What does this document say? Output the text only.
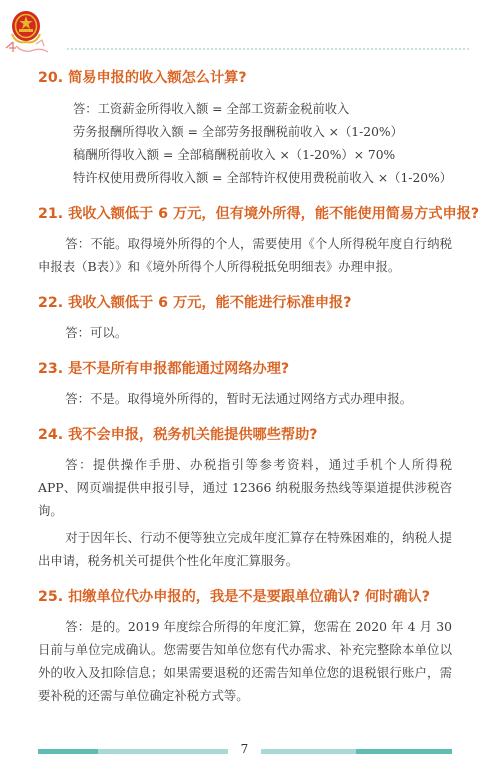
20. 简易申报的收入额怎么计算?
答：工资薪金所得收入额 = 全部工资薪金税前收入
劳务报酬所得收入额 = 全部劳务报酬税前收入 ×（1-20%）
稿酬所得收入额 = 全部稿酬税前收入 ×（1-20%）× 70%
特许权使用费所得收入额 = 全部特许权使用费税前收入 ×（1-20%）
21. 我收入额低于 6 万元，但有境外所得，能不能使用简易方式申报?

答：不能。取得境外所得的个人，需要使用《个人所得税年度自行纳税申报表（B表）》和《境外所得个人所得税抵免明细表》办理申报。

22. 我收入额低于 6 万元，能不能进行标准申报?

答：可以。

23. 是不是所有申报都能通过网络办理?

答：不是。取得境外所得的，暂时无法通过网络方式办理申报。

24. 我不会申报，税务机关能提供哪些帮助?

答：提供操作手册、办税指引等参考资料，通过手机个人所得税 APP、网页端提供申报引导，通过 12366 纳税服务热线等渠道提供涉税咨询。

对于因年长、行动不便等独立完成年度汇算存在特殊困难的，纳税人提出申请，税务机关可提供个性化年度汇算服务。

25. 扣缴单位代办申报的，我是不是要跟单位确认? 何时确认?

答：是的。2019 年度综合所得的年度汇算，您需在 2020 年 4 月 30 日前与单位完成确认。您需要告知单位您有代办需求、补充完整除本单位以外的收入及扣除信息；如果需要退税的还需告知单位您的退税银行账户，需要补税的还需与单位确定补税方式等。

7
